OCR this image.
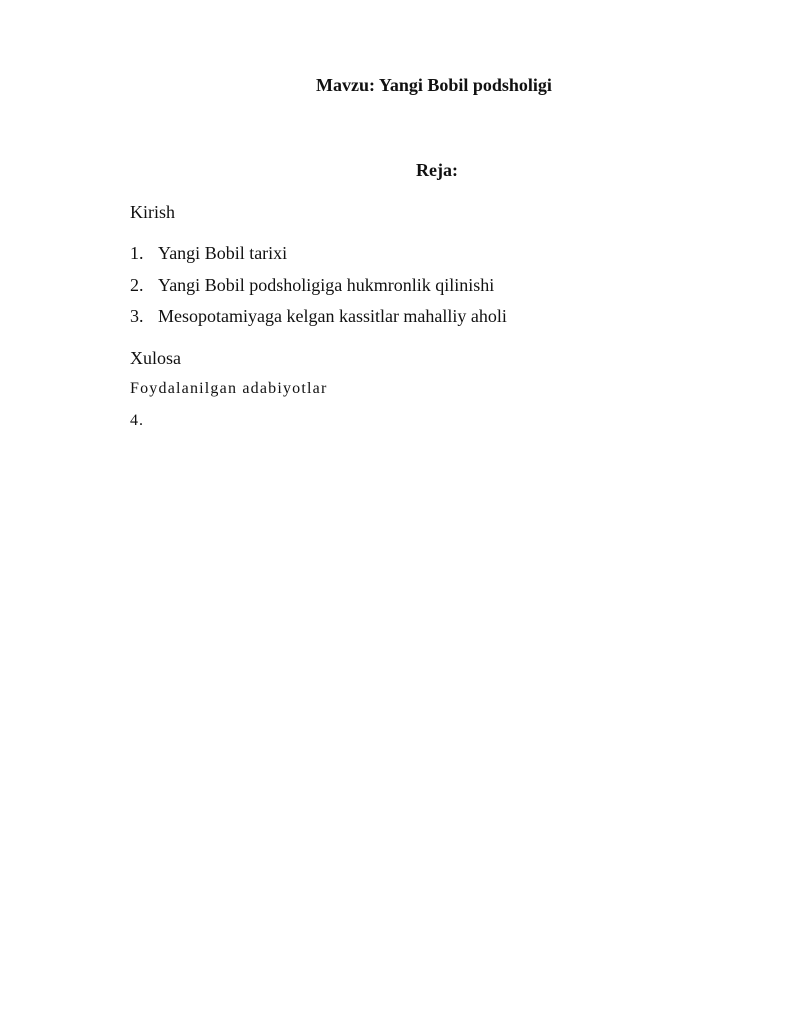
Mavzu: Yangi Bobil podsholigi
Reja:
Kirish
1. Yangi Bobil tarixi
2. Yangi Bobil podsholigiga hukmronlik qilinishi
3. Mesopotamiyaga kelgan kassitlar mahalliy aholi
Xulosa
Foydalanilgan adabiyotlar
4.
